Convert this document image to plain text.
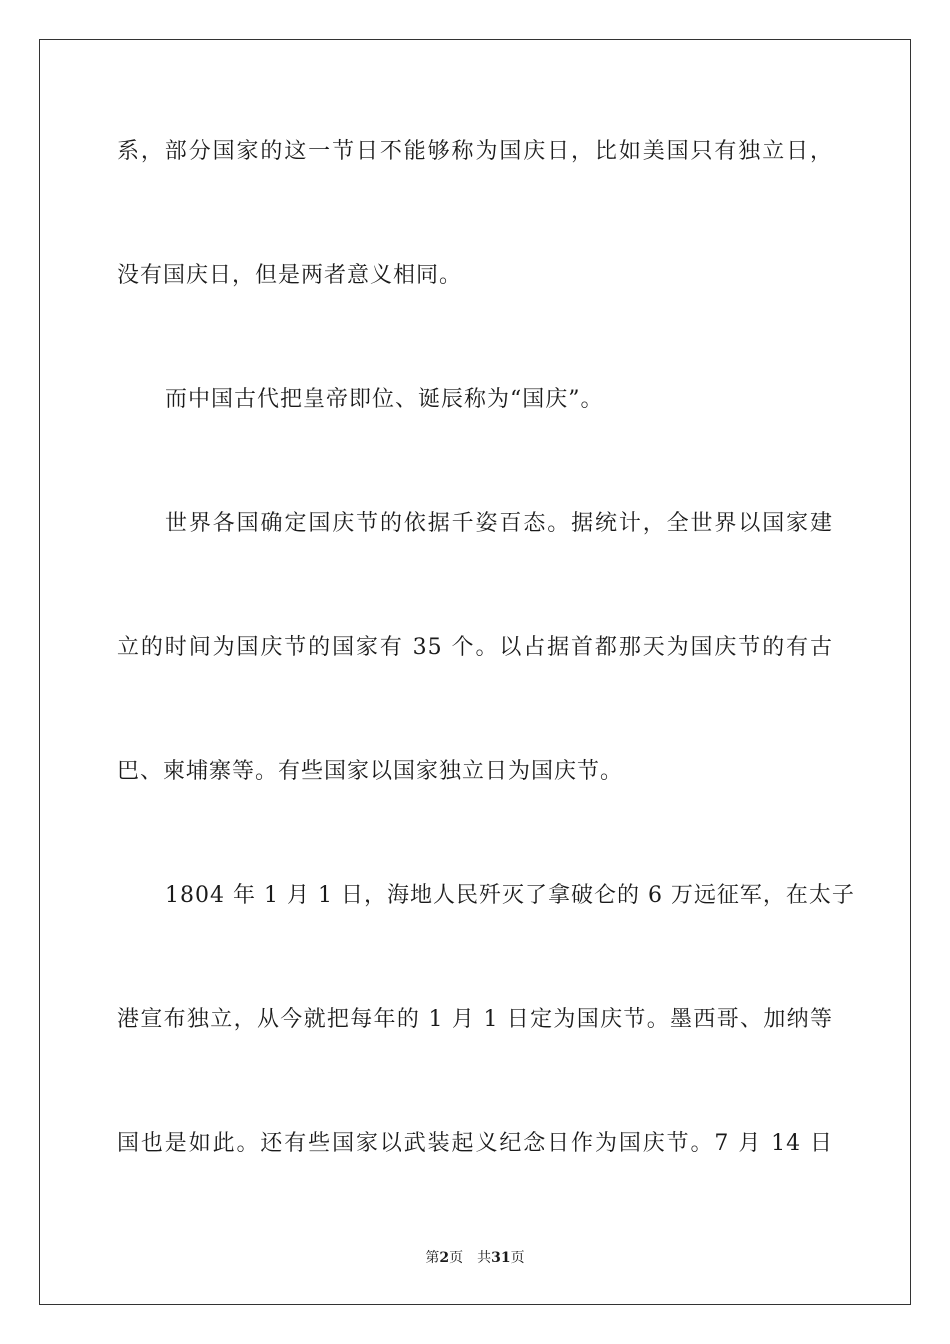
系，部分国家的这一节日不能够称为国庆日，比如美国只有独立日，
没有国庆日，但是两者意义相同。
而中国古代把皇帝即位、诞辰称为“国庆”。
世界各国确定国庆节的依据千姿百态。据统计，全世界以国家建
立的时间为国庆节的国家有 35 个。以占据首都那天为国庆节的有古
巴、柬埔寨等。有些国家以国家独立日为国庆节。
1804 年 1 月 1 日，海地人民歼灭了拿破仑的 6 万远征军，在太子
港宣布独立，从今就把每年的 1 月 1 日定为国庆节。墨西哥、加纳等
国也是如此。还有些国家以武装起义纪念日作为国庆节。7 月 14 日
第2页 共31页
